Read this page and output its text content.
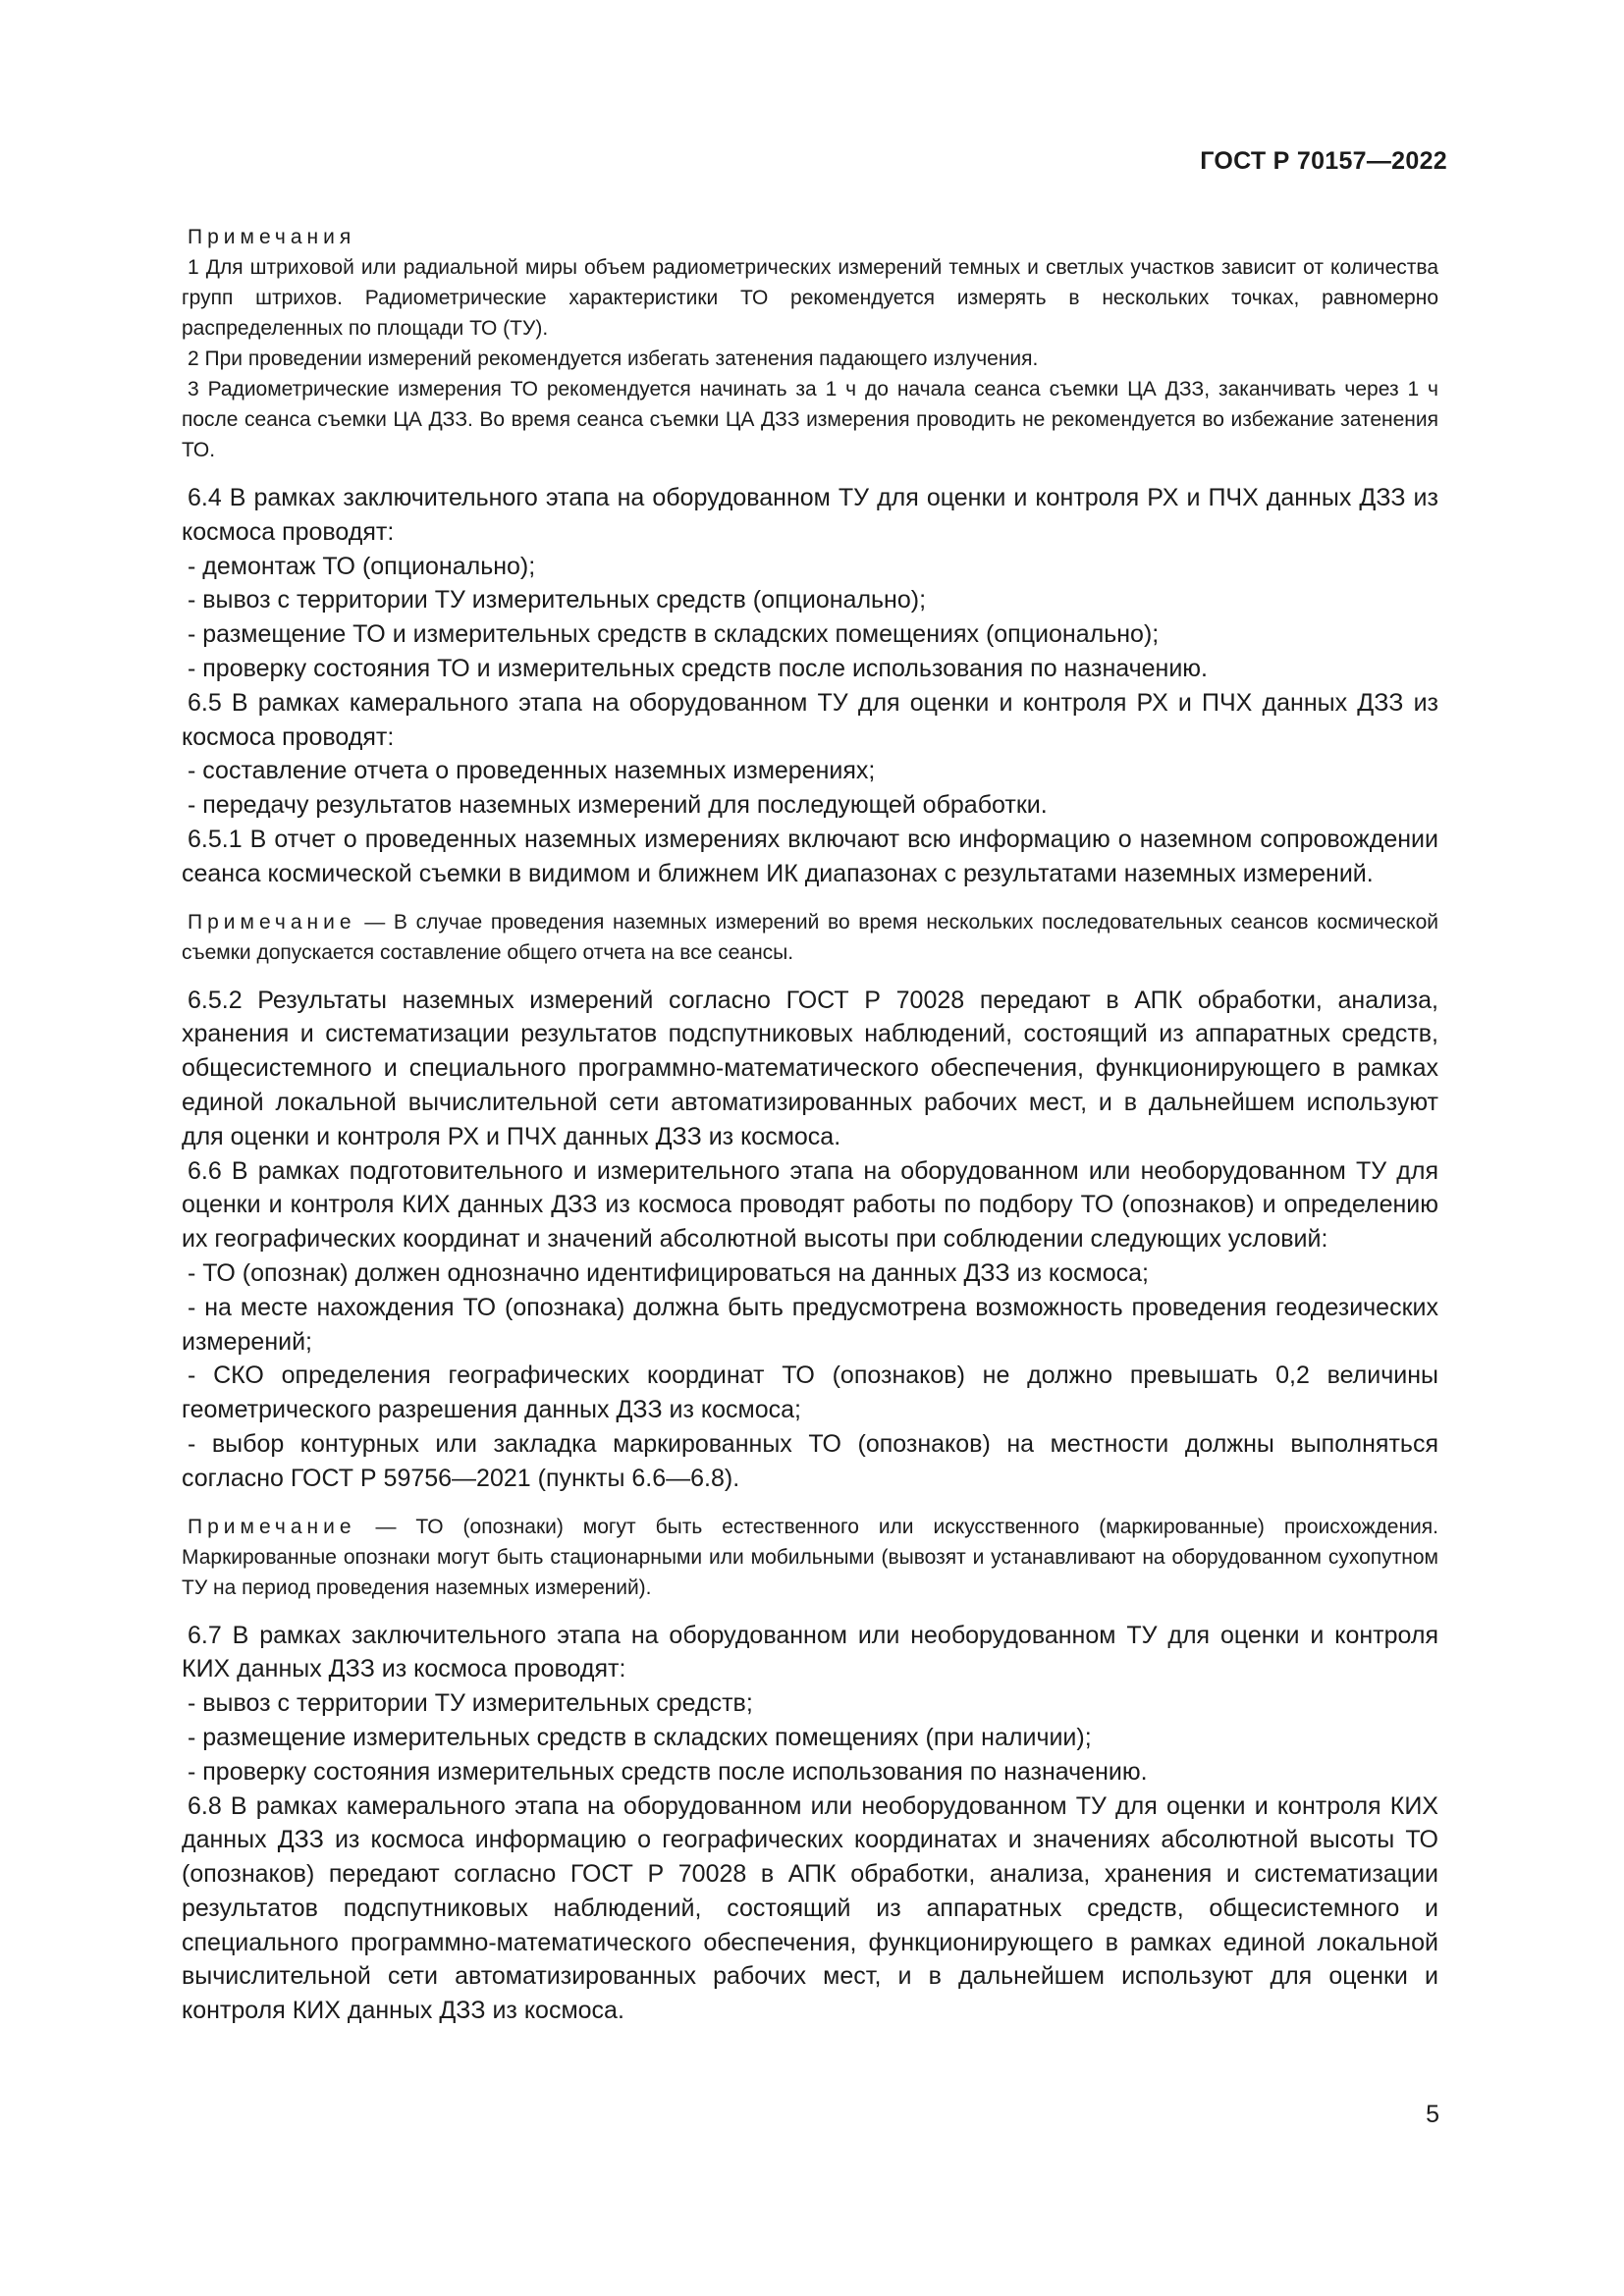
ГОСТ Р 70157—2022

Примечания

1 Для штриховой или радиальной миры объем радиометрических измерений темных и светлых участков зависит от количества групп штрихов. Радиометрические характеристики ТО рекомендуется измерять в нескольких точках, равномерно распределенных по площади ТО (ТУ).

2 При проведении измерений рекомендуется избегать затенения падающего излучения.

3 Радиометрические измерения ТО рекомендуется начинать за 1 ч до начала сеанса съемки ЦА ДЗЗ, заканчивать через 1 ч после сеанса съемки ЦА ДЗЗ. Во время сеанса съемки ЦА ДЗЗ измерения проводить не рекомендуется во избежание затенения ТО.

6.4 В рамках заключительного этапа на оборудованном ТУ для оценки и контроля РХ и ПЧХ данных ДЗЗ из космоса проводят:

- демонтаж ТО (опционально);

- вывоз с территории ТУ измерительных средств (опционально);

- размещение ТО и измерительных средств в складских помещениях (опционально);

- проверку состояния ТО и измерительных средств после использования по назначению.

6.5 В рамках камерального этапа на оборудованном ТУ для оценки и контроля РХ и ПЧХ данных ДЗЗ из космоса проводят:

- составление отчета о проведенных наземных измерениях;

- передачу результатов наземных измерений для последующей обработки.

6.5.1 В отчет о проведенных наземных измерениях включают всю информацию о наземном сопровождении сеанса космической съемки в видимом и ближнем ИК диапазонах с результатами наземных измерений.

Примечание — В случае проведения наземных измерений во время нескольких последовательных сеансов космической съемки допускается составление общего отчета на все сеансы.

6.5.2 Результаты наземных измерений согласно ГОСТ Р 70028 передают в АПК обработки, анализа, хранения и систематизации результатов подспутниковых наблюдений, состоящий из аппаратных средств, общесистемного и специального программно-математического обеспечения, функционирующего в рамках единой локальной вычислительной сети автоматизированных рабочих мест, и в дальнейшем используют для оценки и контроля РХ и ПЧХ данных ДЗЗ из космоса.

6.6 В рамках подготовительного и измерительного этапа на оборудованном или необорудованном ТУ для оценки и контроля КИХ данных ДЗЗ из космоса проводят работы по подбору ТО (опознаков) и определению их географических координат и значений абсолютной высоты при соблюдении следующих условий:

- ТО (опознак) должен однозначно идентифицироваться на данных ДЗЗ из космоса;

- на месте нахождения ТО (опознака) должна быть предусмотрена возможность проведения геодезических измерений;

- СКО определения географических координат ТО (опознаков) не должно превышать 0,2 величины геометрического разрешения данных ДЗЗ из космоса;

- выбор контурных или закладка маркированных ТО (опознаков) на местности должны выполняться согласно ГОСТ Р 59756—2021 (пункты 6.6—6.8).

Примечание — ТО (опознаки) могут быть естественного или искусственного (маркированные) происхождения. Маркированные опознаки могут быть стационарными или мобильными (вывозят и устанавливают на оборудованном сухопутном ТУ на период проведения наземных измерений).

6.7 В рамках заключительного этапа на оборудованном или необорудованном ТУ для оценки и контроля КИХ данных ДЗЗ из космоса проводят:

- вывоз с территории ТУ измерительных средств;

- размещение измерительных средств в складских помещениях (при наличии);

- проверку состояния измерительных средств после использования по назначению.

6.8 В рамках камерального этапа на оборудованном или необорудованном ТУ для оценки и контроля КИХ данных ДЗЗ из космоса информацию о географических координатах и значениях абсолютной высоты ТО (опознаков) передают согласно ГОСТ Р 70028 в АПК обработки, анализа, хранения и систематизации результатов подспутниковых наблюдений, состоящий из аппаратных средств, общесистемного и специального программно-математического обеспечения, функционирующего в рамках единой локальной вычислительной сети автоматизированных рабочих мест, и в дальнейшем используют для оценки и контроля КИХ данных ДЗЗ из космоса.

5
